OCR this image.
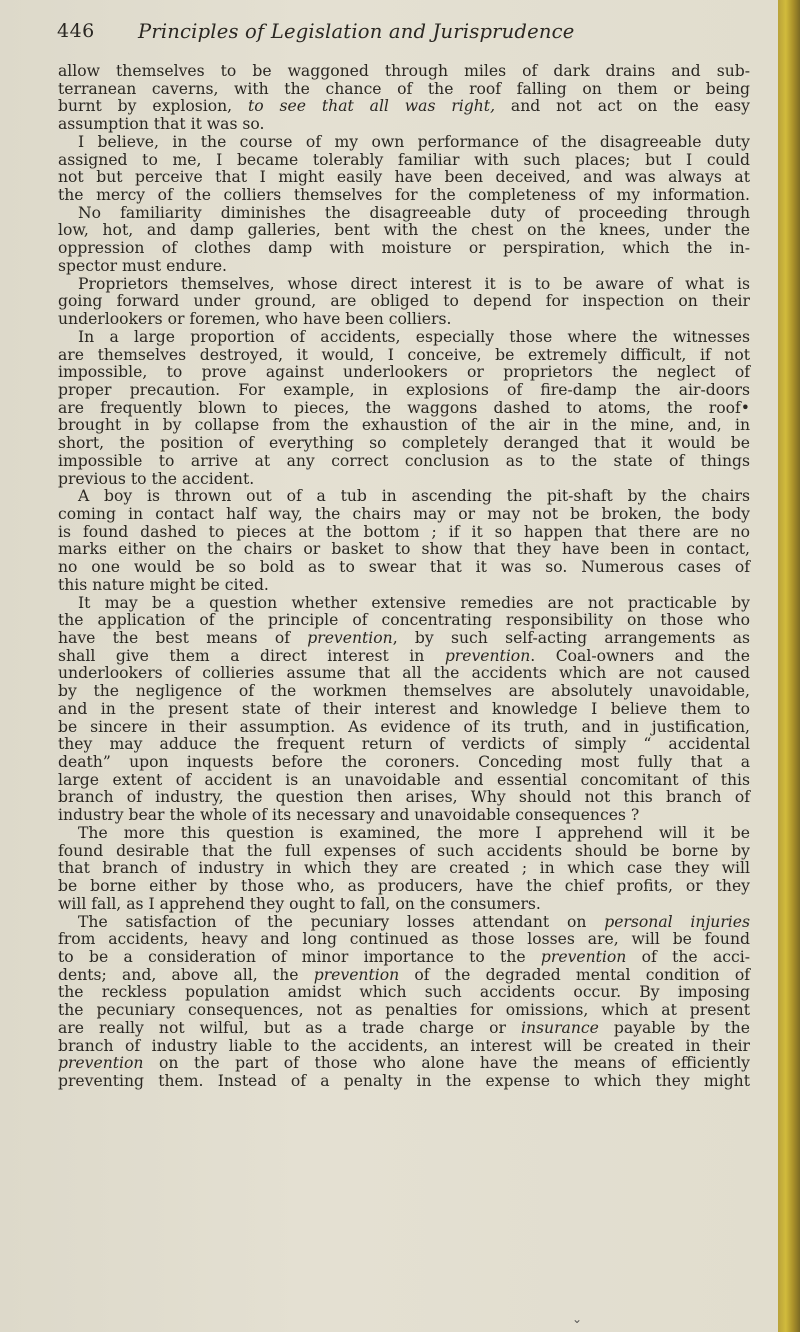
446 Principles of Legislation and Jurisprudence
allow themselves to be waggoned through miles of dark drains and sub-
terranean caverns, with the chance of the roof falling on them or being
burnt by explosion, to see that all was right, and not act on the easy
assumption that it was so.
I believe, in the course of my own performance of the disagreeable duty
assigned to me, I became tolerably familiar with such places; but I could
not but perceive that I might easily have been deceived, and was always at
the mercy of the colliers themselves for the completeness of my information.
No familiarity diminishes the disagreeable duty of proceeding through
low, hot, and damp galleries, bent with the chest on the knees, under the
oppression of clothes damp with moisture or perspiration, which the in-
spector must endure.
Proprietors themselves, whose direct interest it is to be aware of what is
going forward under ground, are obliged to depend for inspection on their
underlookers or foremen, who have been colliers.
In a large proportion of accidents, especially those where the witnesses
are themselves destroyed, it would, I conceive, be extremely difficult, if not
impossible, to prove against underlookers or proprietors the neglect of
proper precaution. For example, in explosions of fire-damp the air-doors
are frequently blown to pieces, the waggons dashed to atoms, the roof•
brought in by collapse from the exhaustion of the air in the mine, and, in
short, the position of everything so completely deranged that it would be
impossible to arrive at any correct conclusion as to the state of things
previous to the accident.
A boy is thrown out of a tub in ascending the pit-shaft by the chairs
coming in contact half way, the chairs may or may not be broken, the body
is found dashed to pieces at the bottom ; if it so happen that there are no
marks either on the chairs or basket to show that they have been in contact,
no one would be so bold as to swear that it was so. Numerous cases of
this nature might be cited.
It may be a question whether extensive remedies are not practicable by
the application of the principle of concentrating responsibility on those who
have the best means of prevention, by such self-acting arrangements as
shall give them a direct interest in prevention. Coal-owners and the
underlookers of collieries assume that all the accidents which are not caused
by the negligence of the workmen themselves are absolutely unavoidable,
and in the present state of their interest and knowledge I believe them to
be sincere in their assumption. As evidence of its truth, and in justification,
they may adduce the frequent return of verdicts of simply “ accidental
death” upon inquests before the coroners. Conceding most fully that a
large extent of accident is an unavoidable and essential concomitant of this
branch of industry, the question then arises, Why should not this branch of
industry bear the whole of its necessary and unavoidable consequences ?
The more this question is examined, the more I apprehend will it be
found desirable that the full expenses of such accidents should be borne by
that branch of industry in which they are created ; in which case they will
be borne either by those who, as producers, have the chief profits, or they
will fall, as I apprehend they ought to fall, on the consumers.
The satisfaction of the pecuniary losses attendant on personal injuries
from accidents, heavy and long continued as those losses are, will be found
to be a consideration of minor importance to the prevention of the acci-
dents; and, above all, the prevention of the degraded mental condition of
the reckless population amidst which such accidents occur. By imposing
the pecuniary consequences, not as penalties for omissions, which at present
are really not wilful, but as a trade charge or insurance payable by the
branch of industry liable to the accidents, an interest will be created in their
prevention on the part of those who alone have the means of efficiently
preventing them. Instead of a penalty in the expense to which they might
⌄
